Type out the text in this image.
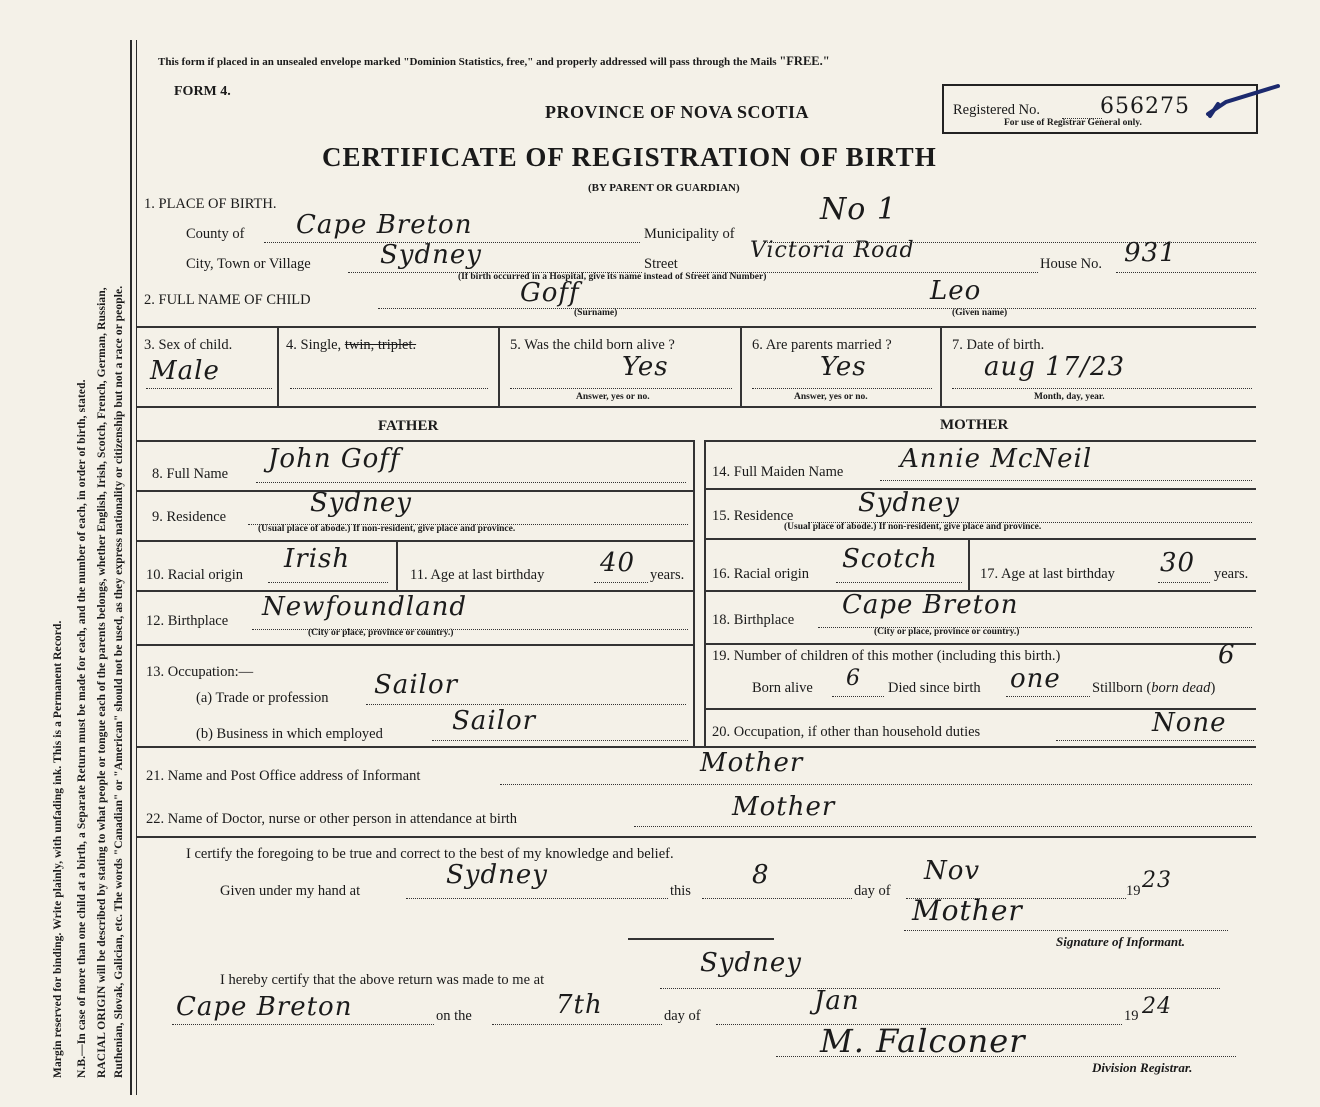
Margin reserved for binding. Write plainly, with unfading ink. This is a Permanent Record. N.B.—In case of more than one child at a birth, a Separate Return must be made for each, and the number of each, in order of birth, stated. RACIAL ORIGIN will be described by stating to what people or tongue each of the parents belongs, whether English, Irish, Scotch, French, German, Russian, Ruthenian, Slovak, Galician, etc. The words "Canadian" or "American" should not be used, as they express nationality or citizenship but not a race or people.
This form if placed in an unsealed envelope marked "Dominion Statistics, free," and properly addressed will pass through the Mails "FREE."
FORM 4.
PROVINCE OF NOVA SCOTIA
CERTIFICATE OF REGISTRATION OF BIRTH
(BY PARENT OR GUARDIAN)
Registered No.	656275
For use of Registrar General only.
1. PLACE OF BIRTH.
County of Cape Breton	Municipality of
No 1
City, Town or Village	Sydney	Street
Victoria Road
House No. 931
(If birth occurred in a Hospital, give its name instead of Street and Number)
2. FULL NAME OF CHILD	Goff
(Surname)
Leo
(Given name)
3. Sex of child.
Male
4. Single, twin, triplet.	5. Was the child born alive ?
Yes
Answer, yes or no.
6. Are parents married ?
Yes
Answer, yes or no.
7. Date of birth.
aug 17/23
Month, day, year.
FATHER	MOTHER
8. Full Name John Goff
9. Residence	Sydney
(Usual place of abode.) If non-resident, give place and province.
10. Racial origin
Irish
11. Age at last birthday 40 years.
12. Birthplace Newfoundland
(City or place, province or country.)
13. Occupation:—
(a) Trade or profession Sailor
(b) Business in which employed	Sailor
14. Full Maiden Name Annie McNeil
15. Residence Sydney
(Usual place of abode.) If non-resident, give place and province.
16. Racial origin Scotch	17. Age at last birthday 30 years.
18. Birthplace Cape Breton
(City or place, province or country.)
19. Number of children of this mother (including this birth.)	6
Born alive 6 Died since birth one Stillborn (born dead)
20. Occupation, if other than household duties	None
21. Name and Post Office address of Informant	Mother
22. Name of Doctor, nurse or other person in attendance at birth	Mother
I certify the foregoing to be true and correct to the best of my knowledge and belief.
Given under my hand at
Sydney
this
8
day of
Nov
19 23
Mother
Signature of Informant.
I hereby certify that the above return was made to me at
Sydney
Cape Breton	on the	7th	day of	Jan	19 24
M. Falconer
Division Registrar.
